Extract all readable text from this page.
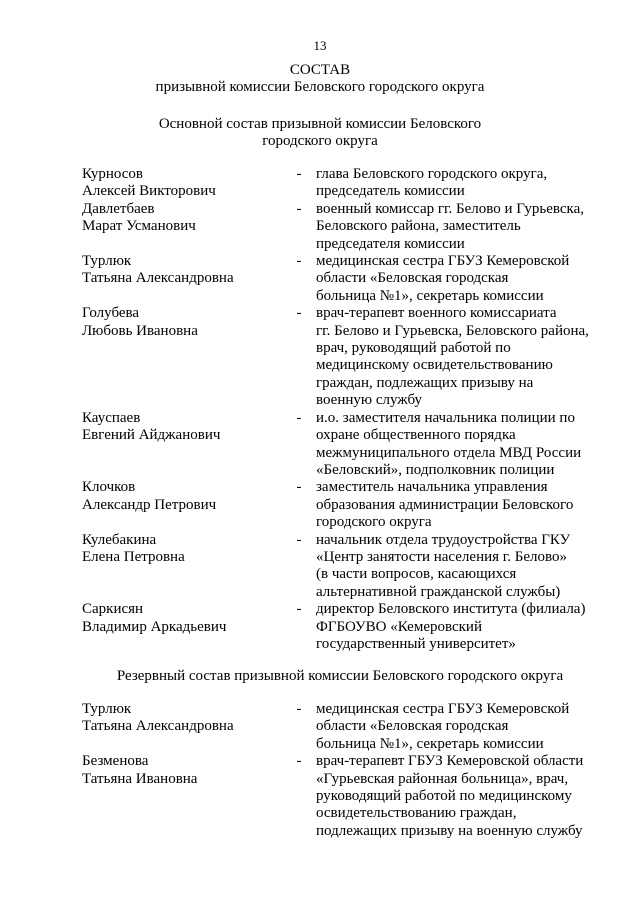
13
СОСТАВ
призывной комиссии Беловского городского округа
Основной состав призывной комиссии Беловского
городского округа
Курносов
Алексей Викторович
- глава Беловского городского округа,
председатель комиссии
Давлетбаев
Марат Усманович
- военный комиссар гг. Белово и Гурьевска,
Беловского района, заместитель
председателя комиссии
Турлюк
Татьяна Александровна
- медицинская сестра ГБУЗ Кемеровской
области «Беловская городская
больница №1», секретарь комиссии
Голубева
Любовь Ивановна
- врач-терапевт военного комиссариата
гг. Белово и Гурьевска, Беловского района,
врач, руководящий работой по
медицинскому освидетельствованию
граждан, подлежащих призыву на
военную службу
Кауспаев
Евгений Айджанович
- и.о. заместителя начальника полиции по
охране общественного порядка
межмуниципального отдела МВД России
«Беловский», подполковник полиции
Клочков
Александр Петрович
- заместитель начальника управления
образования администрации Беловского
городского округа
Кулебакина
Елена Петровна
- начальник отдела трудоустройства ГКУ
«Центр занятости населения г. Белово»
(в части вопросов, касающихся
альтернативной гражданской службы)
Саркисян
Владимир Аркадьевич
- директор Беловского института (филиала)
ФГБОУВО «Кемеровский
государственный университет»
Резервный состав призывной комиссии Беловского городского округа
Турлюк
Татьяна Александровна
- медицинская сестра ГБУЗ Кемеровской
области «Беловская городская
больница №1», секретарь комиссии
Безменова
Татьяна Ивановна
- врач-терапевт ГБУЗ Кемеровской области
«Гурьевская районная больница», врач,
руководящий работой по медицинскому
освидетельствованию граждан,
подлежащих призыву на военную службу
